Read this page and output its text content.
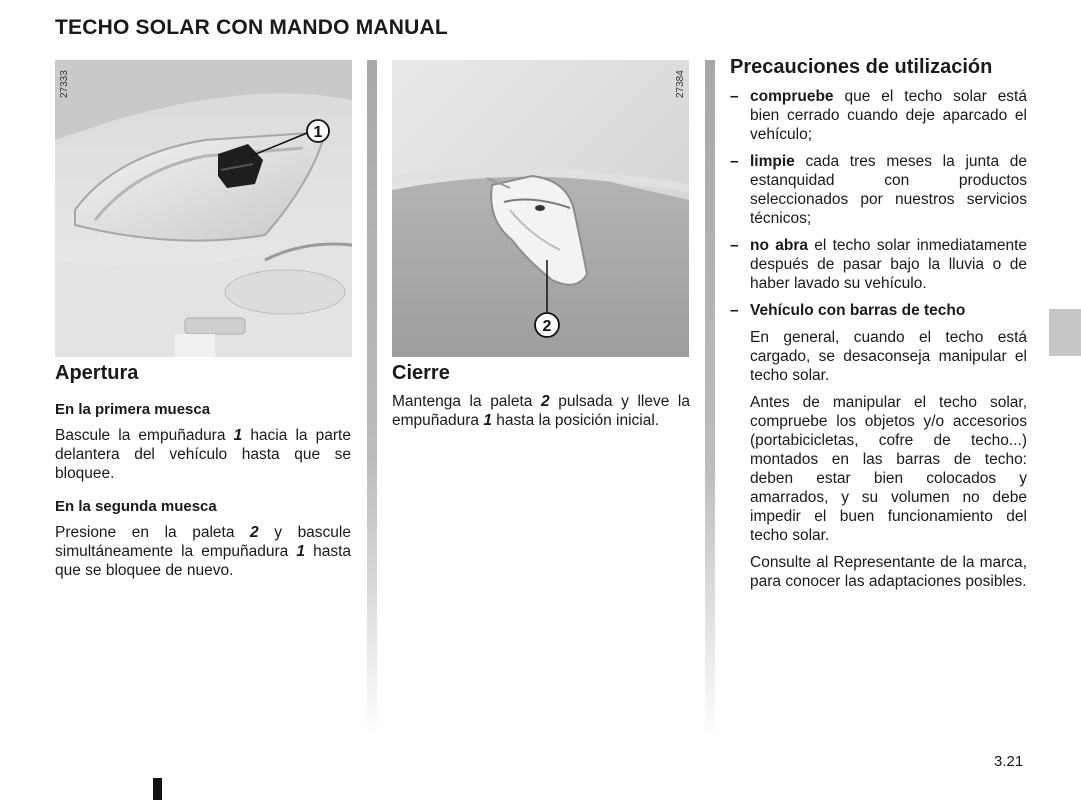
TECHO SOLAR CON MANDO MANUAL
1
27333
2
27384
Apertura

En la primera muesca

Bascule la empuñadura 1 hacia la parte delantera del vehículo hasta que se bloquee.

En la segunda muesca

Presione en la paleta 2 y bascule simultáneamente la empuñadura 1 hasta que se bloquee de nuevo.

Cierre

Mantenga la paleta 2 pulsada y lleve la empuñadura 1 hasta la posición inicial.

Precauciones de utilización
– compruebe que el techo solar está bien cerrado cuando deje aparcado el vehículo;
– limpie cada tres meses la junta de estanquidad con productos seleccionados por nuestros servicios técnicos;
– no abra el techo solar inmediatamente después de pasar bajo la lluvia o de haber lavado su vehículo.
– Vehículo con barras de techo

En general, cuando el techo está cargado, se desaconseja manipular el techo solar.

Antes de manipular el techo solar, compruebe los objetos y/o accesorios (portabicicletas, cofre de techo...) montados en las barras de techo: deben estar bien colocados y amarrados, y su volumen no debe impedir el buen funcionamiento del techo solar.

Consulte al Representante de la marca, para conocer las adaptaciones posibles.

3.21
